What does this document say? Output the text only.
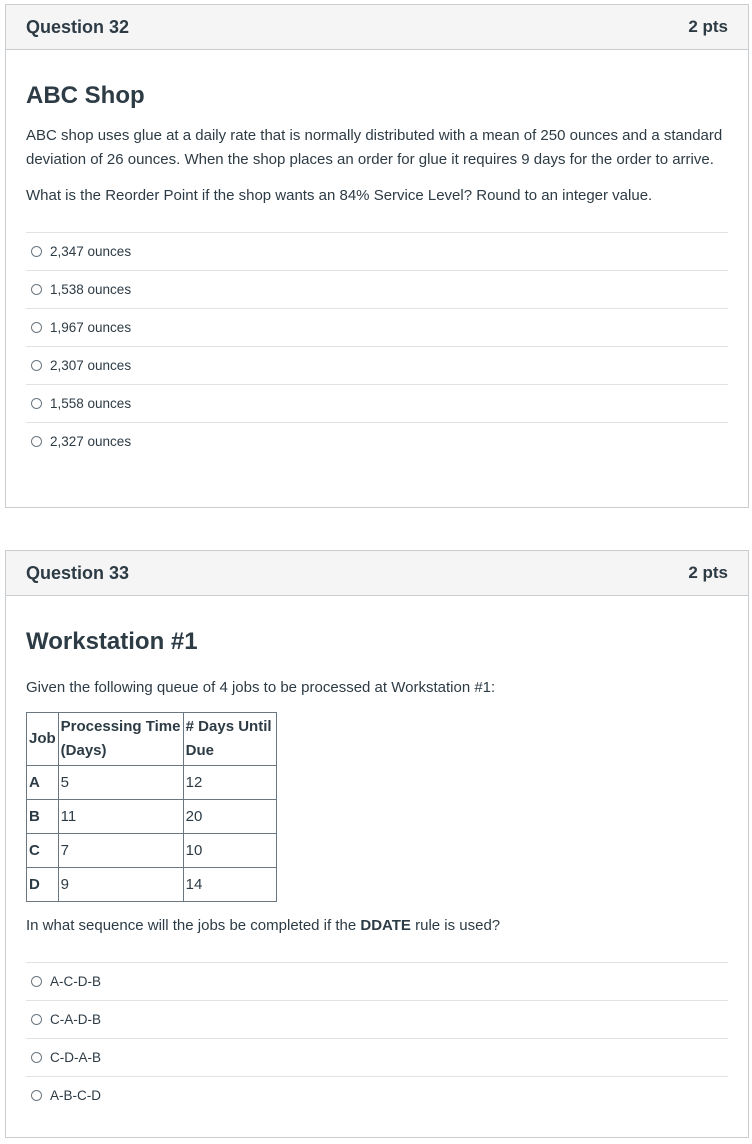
Question 32	2 pts
ABC Shop

ABC shop uses glue at a daily rate that is normally distributed with a mean of 250 ounces and a standard deviation of 26 ounces. When the shop places an order for glue it requires 9 days for the order to arrive.

What is the Reorder Point if the shop wants an 84% Service Level? Round to an integer value.

2,347 ounces
1,538 ounces
1,967 ounces
2,307 ounces
1,558 ounces
2,327 ounces
Question 33	2 pts
Workstation #1

Given the following queue of 4 jobs to be processed at Workstation #1:

Job	Processing Time (Days)	# Days Until Due
A	5	12
B	11	20
C	7	10
D	9	14

In what sequence will the jobs be completed if the DDATE rule is used?

A-C-D-B
C-A-D-B
C-D-A-B
A-B-C-D
